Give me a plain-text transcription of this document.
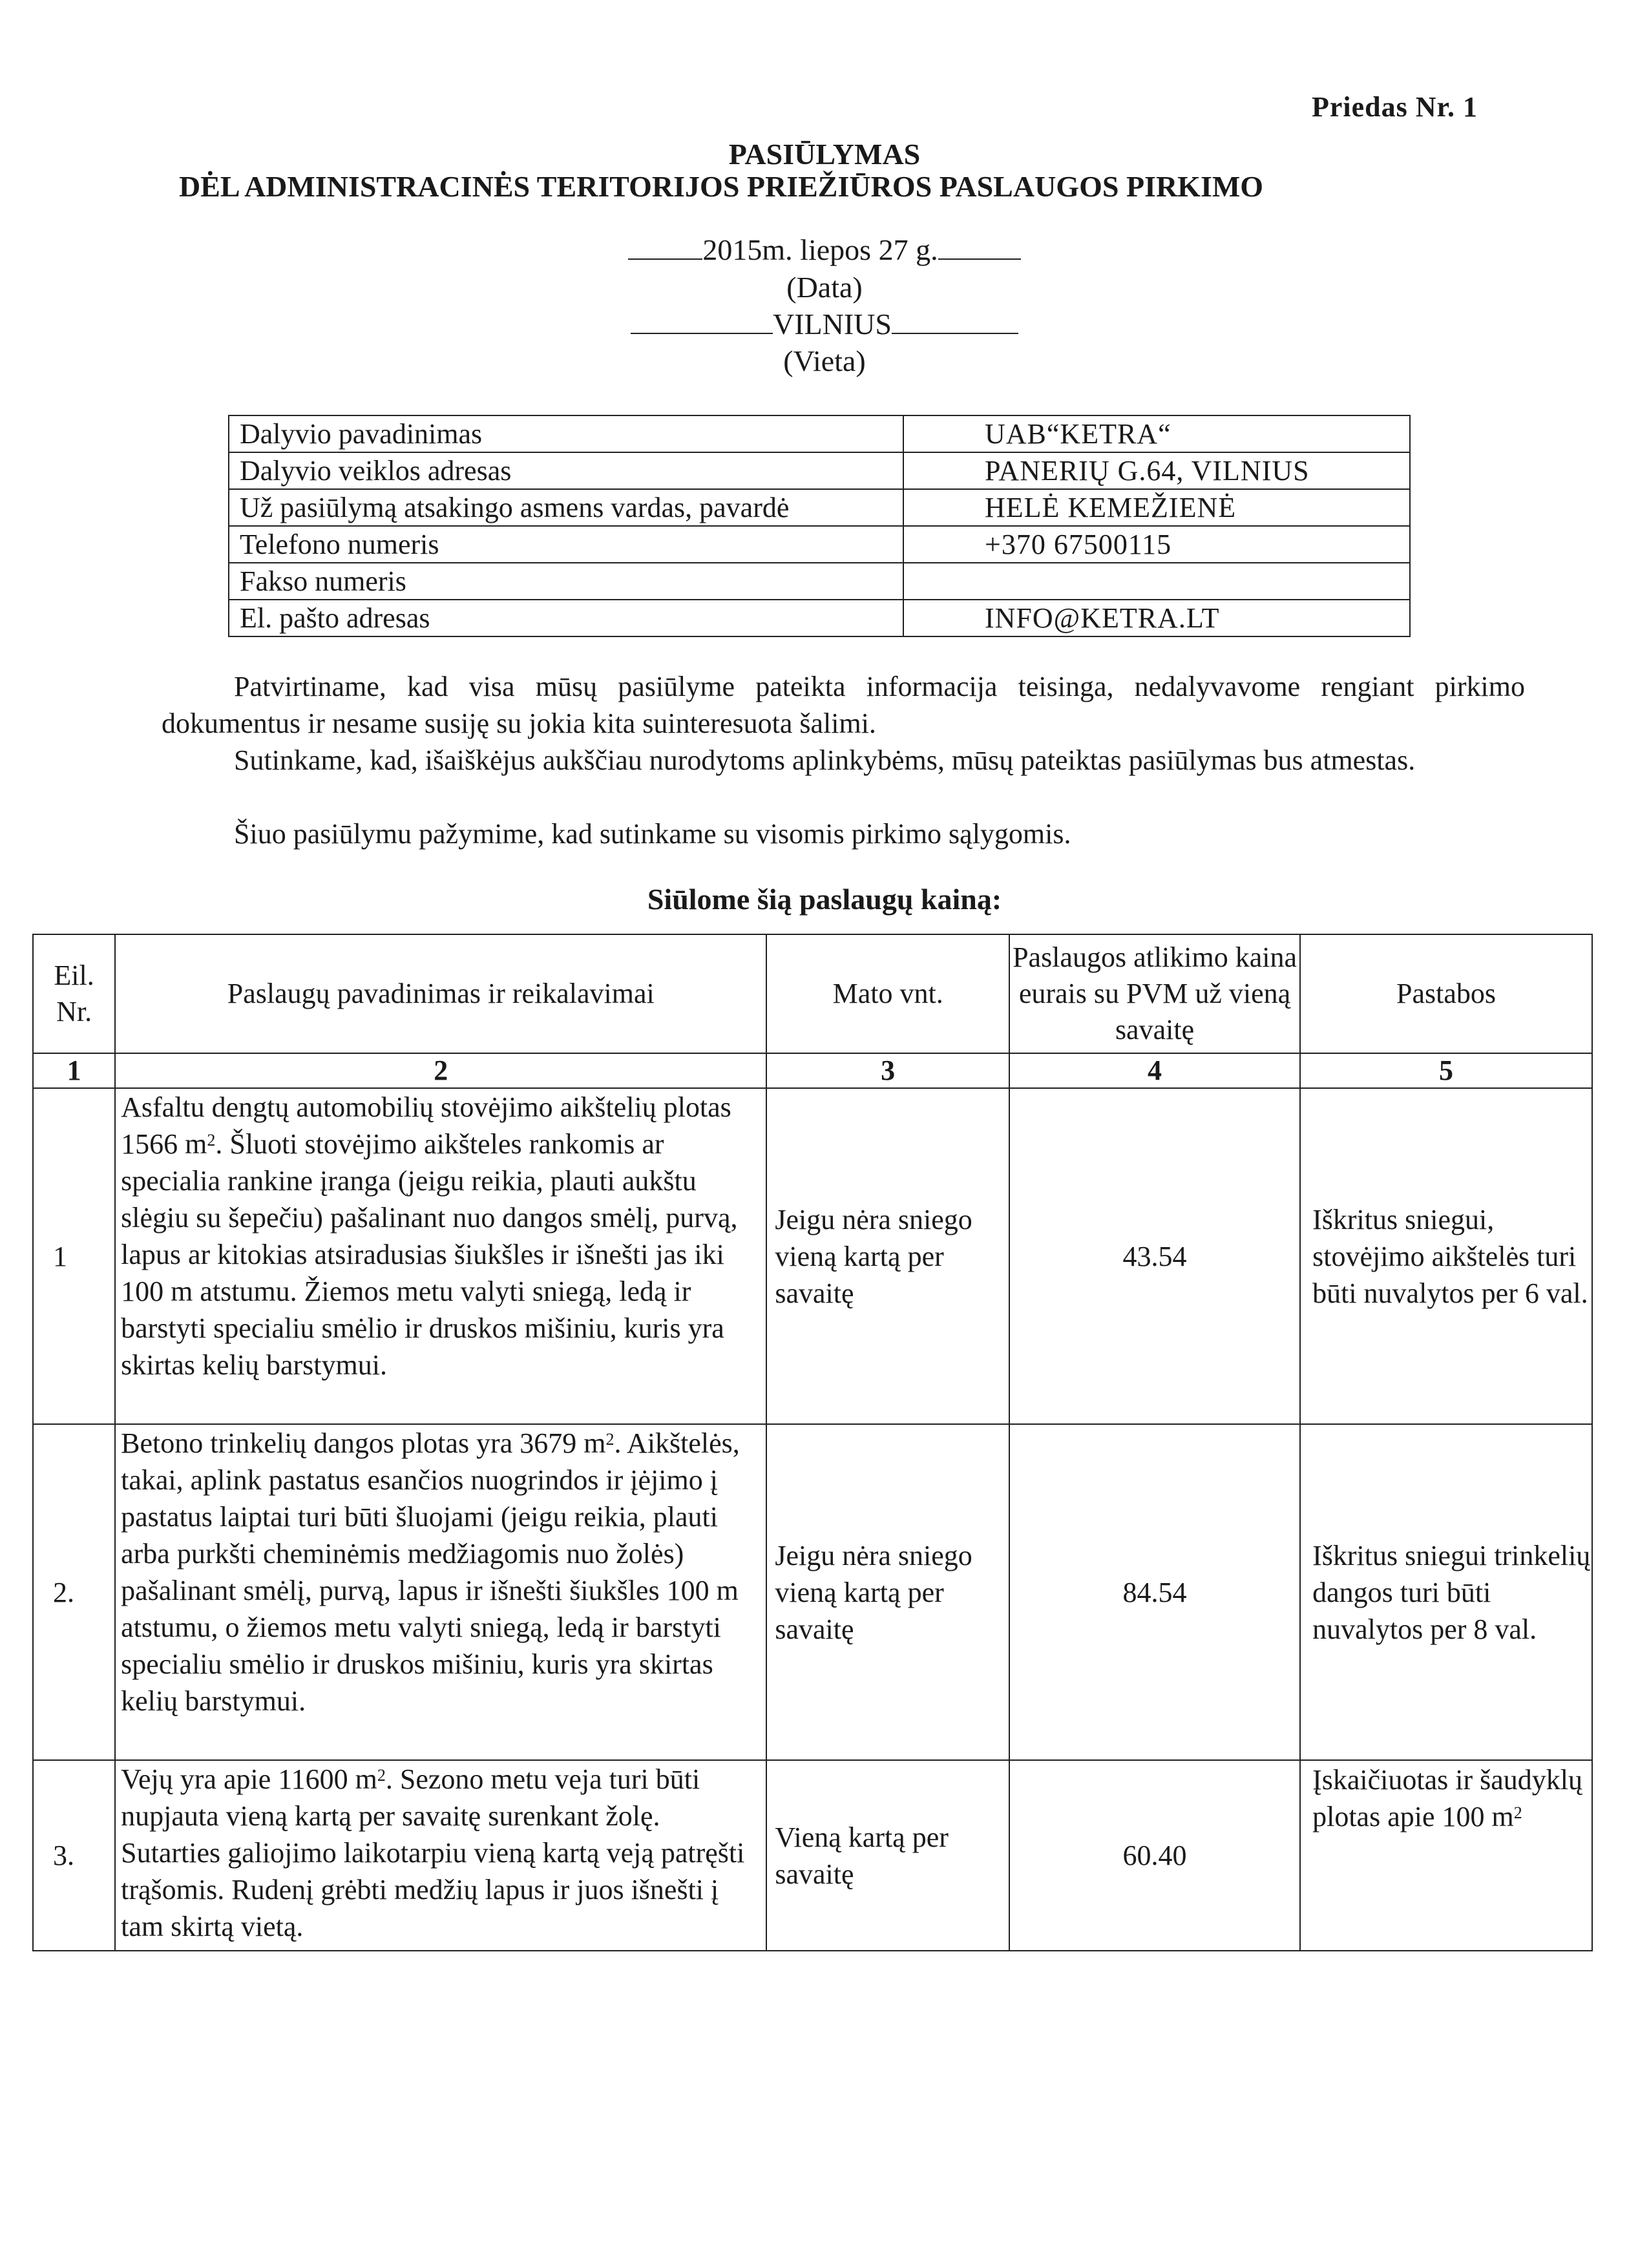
Priedas Nr. 1
PASIŪLYMAS
DĖL ADMINISTRACINĖS TERITORIJOS PRIEŽIŪROS PASLAUGOS PIRKIMO
2015m. liepos 27 g.
(Data)
VILNIUS
(Vieta)
Dalyvio pavadinimas	UAB“KETRA“
Dalyvio veiklos adresas	PANERIŲ G.64, VILNIUS
Už pasiūlymą atsakingo asmens vardas, pavardė	HELĖ KEMEŽIENĖ
Telefono numeris	+370 67500115
Fakso numeris	
El. pašto adresas	INFO@KETRA.LT
Patvirtiname, kad visa mūsų pasiūlyme pateikta informacija teisinga, nedalyvavome rengiant pirkimo dokumentus ir nesame susiję su jokia kita suinteresuota šalimi.
Sutinkame, kad, išaiškėjus aukščiau nurodytoms aplinkybėms, mūsų pateiktas pasiūlymas bus atmestas.
Šiuo pasiūlymu pažymime, kad sutinkame su visomis pirkimo sąlygomis.
Siūlome šią paslaugų kainą:
Eil. Nr.	Paslaugų pavadinimas ir reikalavimai	Mato vnt.	Paslaugos atlikimo kaina eurais su PVM už vieną savaitę	Pastabos
1	2	3	4	5
1	Asfaltu dengtų automobilių stovėjimo aikštelių plotas 1566 $m^2$. Šluoti stovėjimo aikšteles rankomis ar specialia rankine įranga (jeigu reikia, plauti aukštu slėgiu su šepečiu) pašalinant nuo dangos smėlį, purvą, lapus ar kitokias atsiradusias šiukšles ir išnešti jas iki 100 m atstumu. Žiemos metu valyti sniegą, ledą ir barstyti specialiu smėlio ir druskos mišiniu, kuris yra skirtas kelių barstymui.	Jeigu nėra sniego vieną kartą per savaitę	43.54	Iškritus sniegui, stovėjimo aikštelės turi būti nuvalytos per 6 val.
2.	Betono trinkelių dangos plotas yra 3679 $m^2$. Aikštelės, takai, aplink pastatus esančios nuogrindos ir įėjimo į pastatus laiptai turi būti šluojami (jeigu reikia, plauti arba purkšti cheminėmis medžiagomis nuo žolės) pašalinant smėlį, purvą, lapus ir išnešti šiukšles 100 m atstumu, o žiemos metu valyti sniegą, ledą ir barstyti specialiu smėlio ir druskos mišiniu, kuris yra skirtas kelių barstymui.	Jeigu nėra sniego vieną kartą per savaitę	84.54	Iškritus sniegui trinkelių dangos turi būti nuvalytos per 8 val.
3.	Vejų yra apie 11600 $m^2$. Sezono metu veja turi būti nupjauta vieną kartą per savaitę surenkant žolę. Sutarties galiojimo laikotarpiu vieną kartą veją patręšti trąšomis. Rudenį grėbti medžių lapus ir juos išnešti į tam skirtą vietą.	Vieną kartą per savaitę	60.40	Įskaičiuotas ir šaudyklų plotas apie 100 $m^2$
